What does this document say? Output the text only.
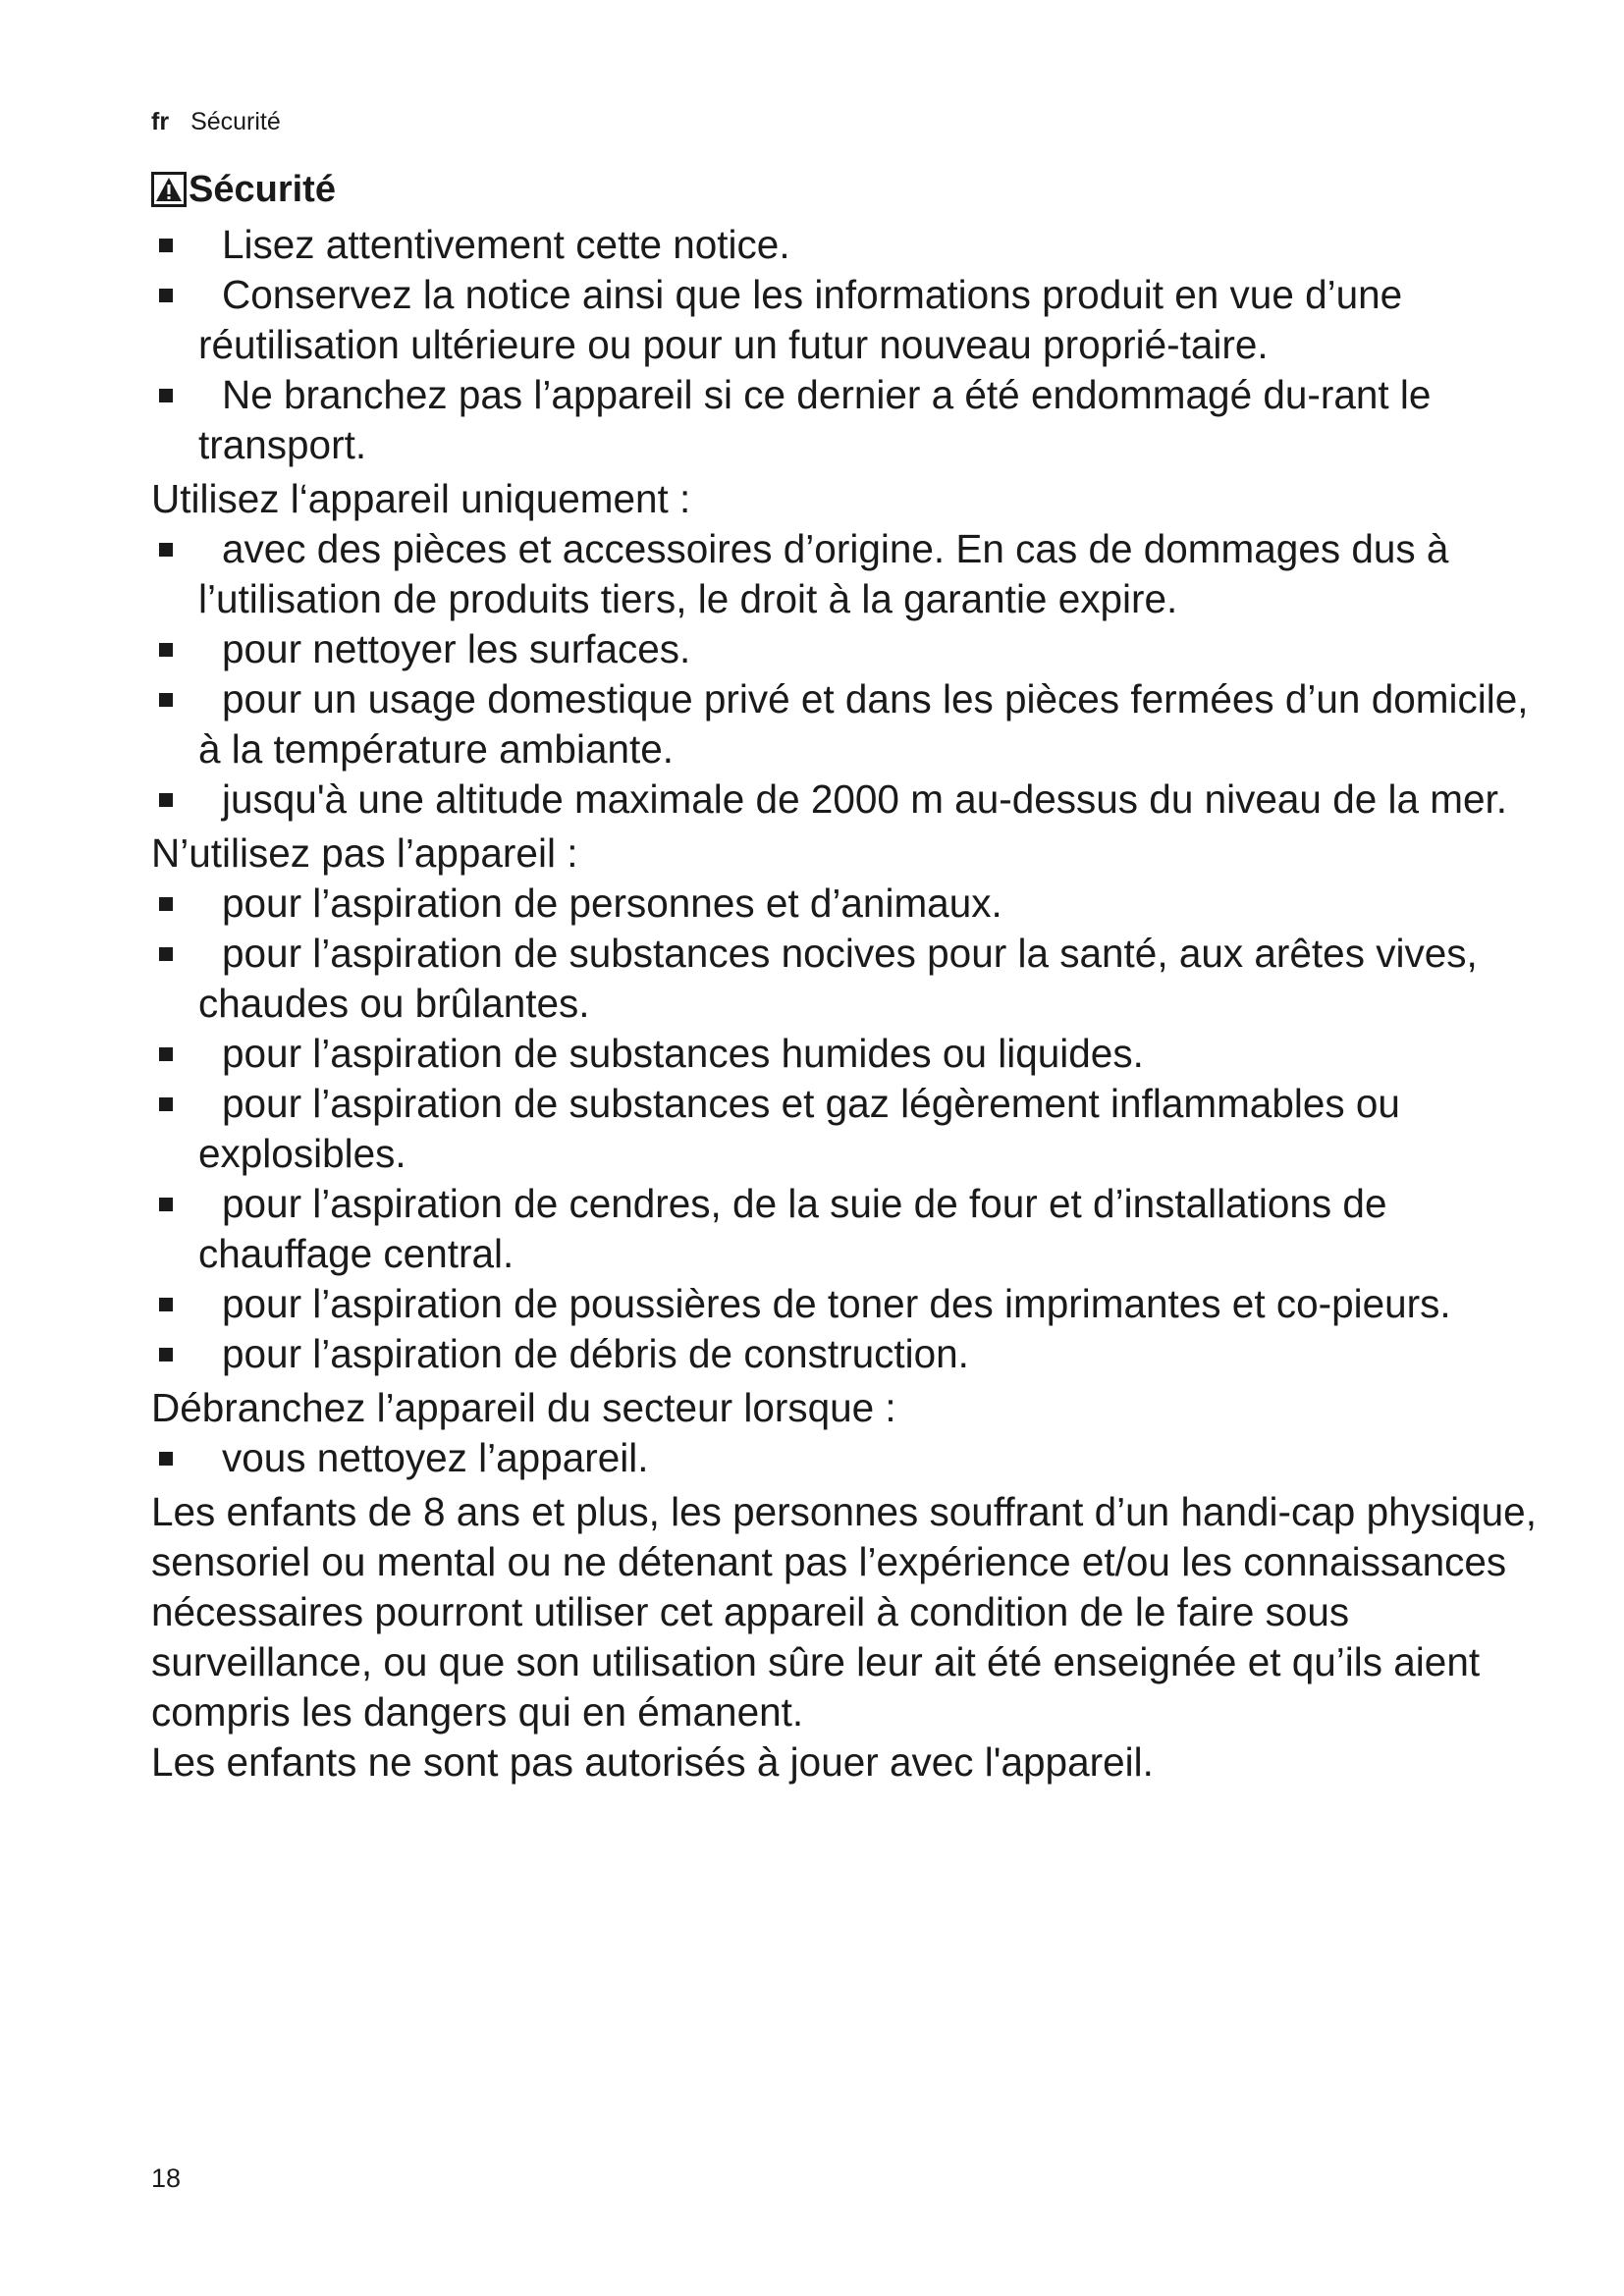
fr Sécurité
Sécurité
Lisez attentivement cette notice.
Conservez la notice ainsi que les informations produit en vue d’une réutilisation ultérieure ou pour un futur nouveau proprié-taire.
Ne branchez pas l’appareil si ce dernier a été endommagé du-rant le transport.

Utilisez l‘appareil uniquement :

avec des pièces et accessoires d’origine. En cas de dommages dus à l’utilisation de produits tiers, le droit à la garantie expire.
pour nettoyer les surfaces.
pour un usage domestique privé et dans les pièces fermées d’un domicile, à la température ambiante.
jusqu'à une altitude maximale de 2000 m au-dessus du niveau de la mer.

N’utilisez pas l’appareil :

pour l’aspiration de personnes et d’animaux.
pour l’aspiration de substances nocives pour la santé, aux arêtes vives, chaudes ou brûlantes.
pour l’aspiration de substances humides ou liquides.
pour l’aspiration de substances et gaz légèrement inflammables ou explosibles.
pour l’aspiration de cendres, de la suie de four et d’installations de chauffage central.
pour l’aspiration de poussières de toner des imprimantes et co-pieurs.
pour l’aspiration de débris de construction.

Débranchez l’appareil du secteur lorsque :

vous nettoyez l’appareil.

Les enfants de 8 ans et plus, les personnes souffrant d’un handi-cap physique, sensoriel ou mental ou ne détenant pas l’expérience et/ou les connaissances nécessaires pourront utiliser cet appareil à condition de le faire sous surveillance, ou que son utilisation sûre leur ait été enseignée et qu’ils aient compris les dangers qui en émanent.

Les enfants ne sont pas autorisés à jouer avec l'appareil.

18
